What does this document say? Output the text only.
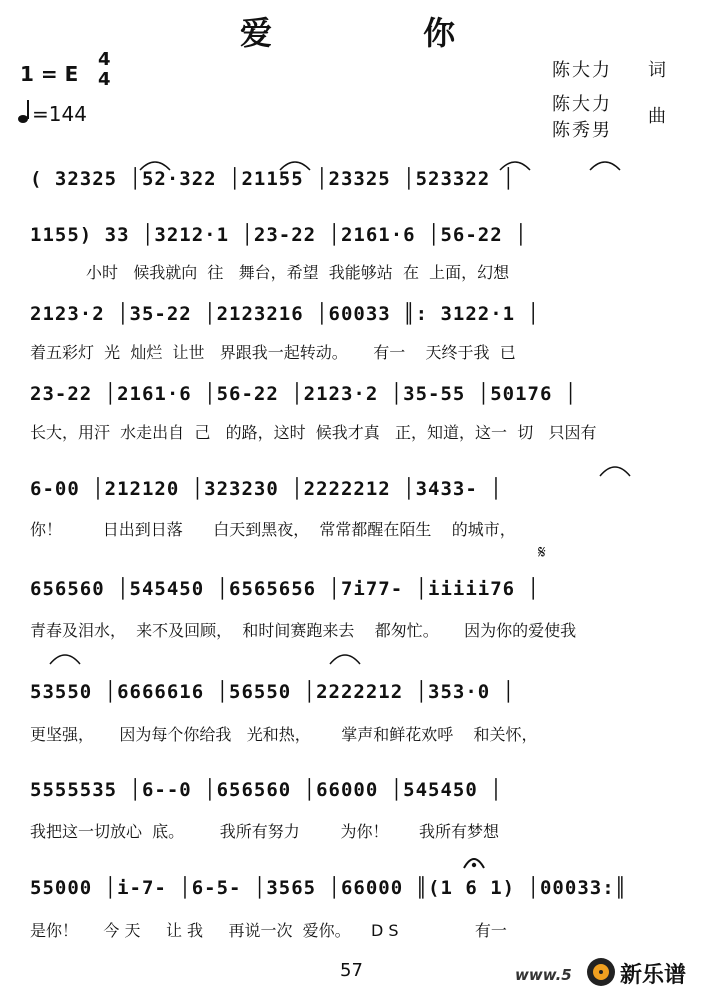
爱 你
1 = E
4
4
=144
陈大力 词
陈大力
陈秀男
曲
( 32325 │52·322 │21155 │23325 │523322 │
1155) 33 │3212·1 │23-22 │2161·6 │56-22 │
小时   候我就向  往   舞台，希望  我能够站  在  上面，幻想
2123·2 │35-22 │2123216 │60033 ║: 3122·1 │
着五彩灯  光  灿烂  让世   界跟我一起转动。     有一    天终于我  已
23-22 │2161·6 │56-22 │2123·2 │35-55 │50176 │
长大，用汗  水走出自  己   的路，这时  候我才真   正，知道，这一  切   只因有
6-00 │212120 │323230 │2222212 │3433- │
你！        日出到日落      白天到黑夜，  常常都醒在陌生    的城市，
656560 │545450 │6565656 │7i77- │iiiii76 │
青春及泪水，  来不及回顾，  和时间赛跑来去    都匆忙。     因为你的爱使我
53550 │6666616 │56550 │2222212 │353·0 │
更坚强，     因为每个你给我   光和热，      掌声和鲜花欢呼    和关怀，
5555535 │6--0 │656560 │66000 │545450 │
我把这一切放心  底。       我所有努力        为你！      我所有梦想
55000 │i-7- │6-5- │3565 │66000 ║(1 6 1) │00033:║
是你！     今 天     让 我     再说一次  爱你。    D S               有一
𝄋
57	www.5 新乐谱
